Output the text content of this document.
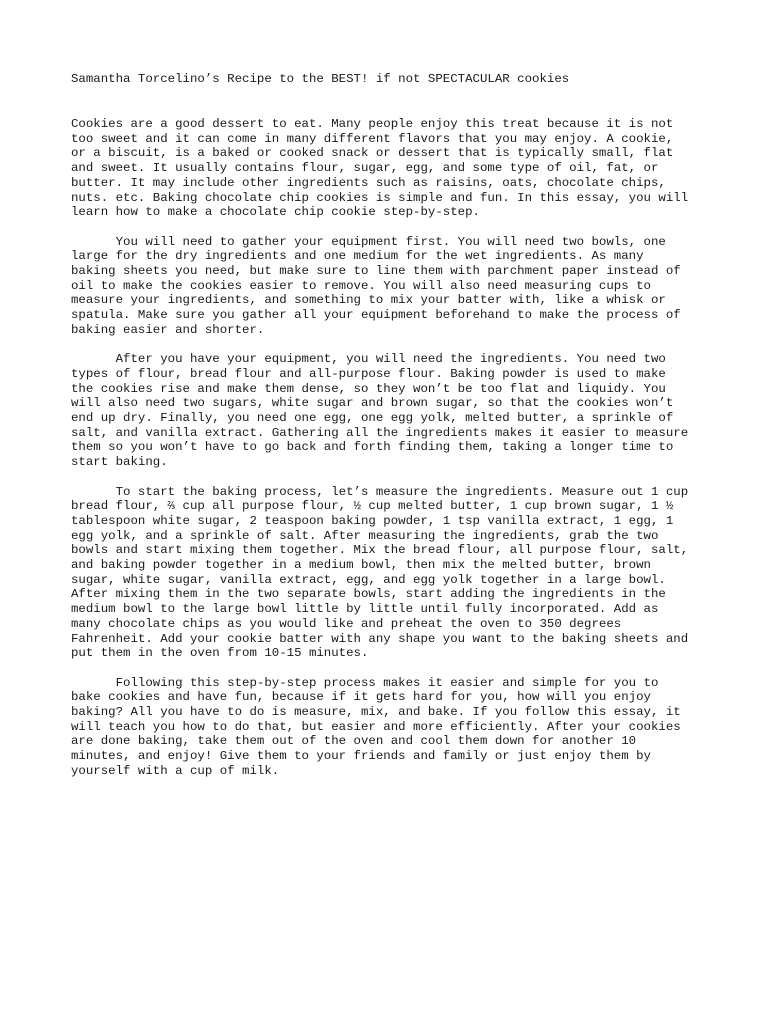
Samantha Torcelino’s Recipe to the BEST! if not SPECTACULAR cookies
Cookies are a good dessert to eat. Many people enjoy this treat because it is not
too sweet and it can come in many different flavors that you may enjoy. A cookie,
or a biscuit, is a baked or cooked snack or dessert that is typically small, flat
and sweet. It usually contains flour, sugar, egg, and some type of oil, fat, or
butter. It may include other ingredients such as raisins, oats, chocolate chips,
nuts. etc. Baking chocolate chip cookies is simple and fun. In this essay, you will
learn how to make a chocolate chip cookie step-by-step.
You will need to gather your equipment first. You will need two bowls, one
large for the dry ingredients and one medium for the wet ingredients. As many
baking sheets you need, but make sure to line them with parchment paper instead of
oil to make the cookies easier to remove. You will also need measuring cups to
measure your ingredients, and something to mix your batter with, like a whisk or
spatula. Make sure you gather all your equipment beforehand to make the process of
baking easier and shorter.
After you have your equipment, you will need the ingredients. You need two
types of flour, bread flour and all-purpose flour. Baking powder is used to make
the cookies rise and make them dense, so they won’t be too flat and liquidy. You
will also need two sugars, white sugar and brown sugar, so that the cookies won’t
end up dry. Finally, you need one egg, one egg yolk, melted butter, a sprinkle of
salt, and vanilla extract. Gathering all the ingredients makes it easier to measure
them so you won’t have to go back and forth finding them, taking a longer time to
start baking.
To start the baking process, let’s measure the ingredients. Measure out 1 cup
bread flour, ⅔ cup all purpose flour, ½ cup melted butter, 1 cup brown sugar, 1 ½
tablespoon white sugar, 2 teaspoon baking powder, 1 tsp vanilla extract, 1 egg, 1
egg yolk, and a sprinkle of salt. After measuring the ingredients, grab the two
bowls and start mixing them together. Mix the bread flour, all purpose flour, salt,
and baking powder together in a medium bowl, then mix the melted butter, brown
sugar, white sugar, vanilla extract, egg, and egg yolk together in a large bowl.
After mixing them in the two separate bowls, start adding the ingredients in the
medium bowl to the large bowl little by little until fully incorporated. Add as
many chocolate chips as you would like and preheat the oven to 350 degrees
Fahrenheit. Add your cookie batter with any shape you want to the baking sheets and
put them in the oven from 10-15 minutes.
Following this step-by-step process makes it easier and simple for you to
bake cookies and have fun, because if it gets hard for you, how will you enjoy
baking? All you have to do is measure, mix, and bake. If you follow this essay, it
will teach you how to do that, but easier and more efficiently. After your cookies
are done baking, take them out of the oven and cool them down for another 10
minutes, and enjoy! Give them to your friends and family or just enjoy them by
yourself with a cup of milk.
